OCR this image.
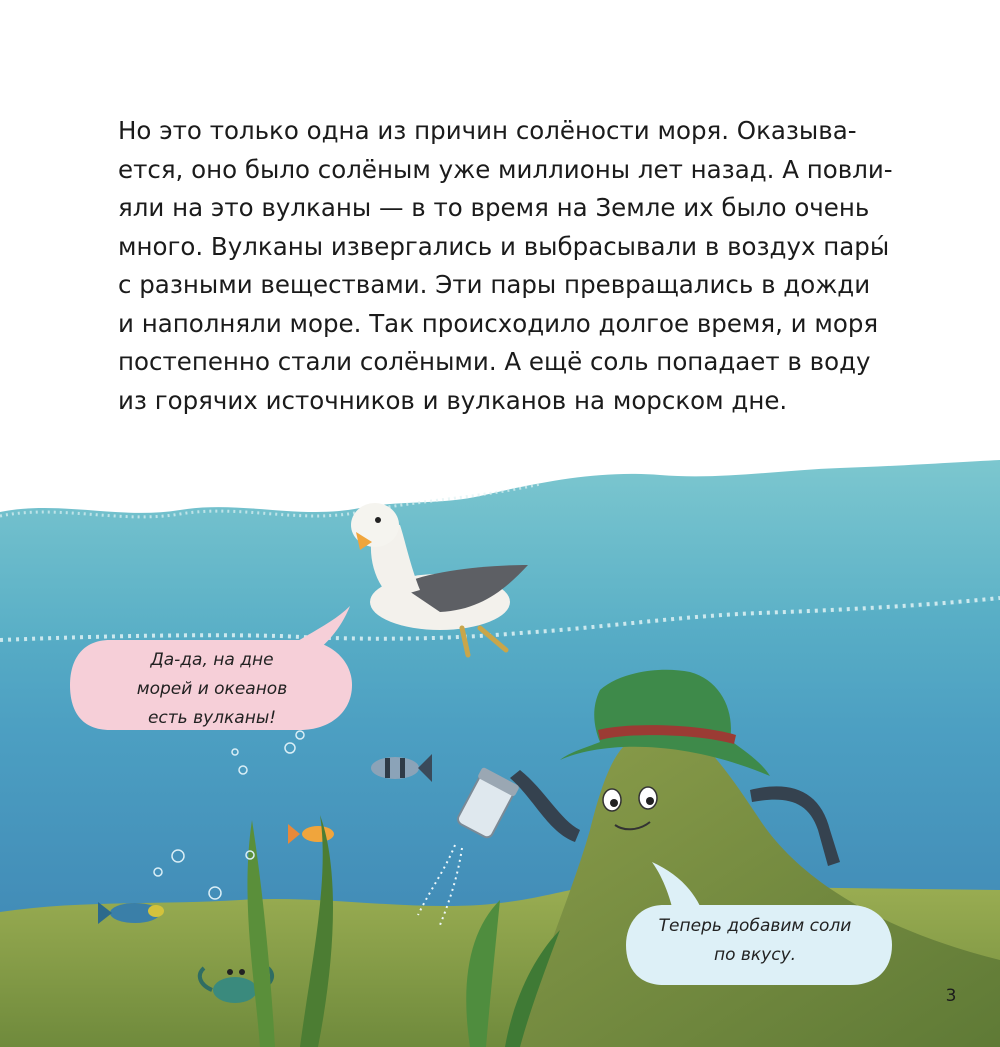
Но это только одна из причин солёности моря. Оказыва-
ется, оно было солёным уже миллионы лет назад. А повли-
яли на это вулканы — в то время на Земле их было очень
много. Вулканы извергались и выбрасывали в воздух пары́
с разными веществами. Эти пары превращались в дожди
и наполняли море. Так происходило долгое время, и моря
постепенно стали солёными. А ещё соль попадает в воду
из горячих источников и вулканов на морском дне.
Да-да, на дне
морей и океанов
есть вулканы!
Теперь добавим соли
по вкусу.
3
